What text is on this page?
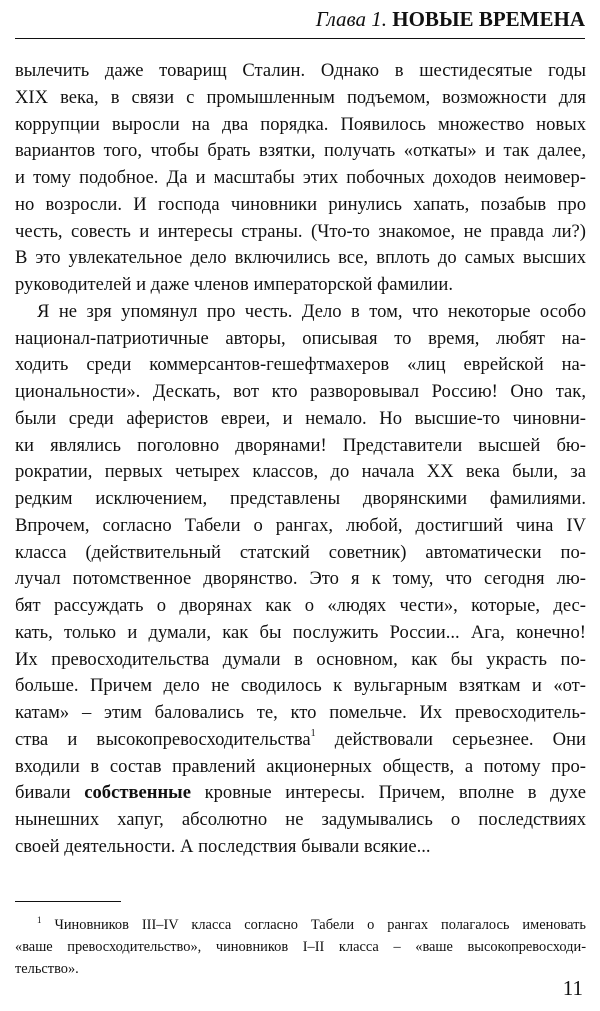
Глава 1. НОВЫЕ ВРЕМЕНА
вылечить даже товарищ Сталин. Однако в шестидесятые годы
XIX века, в связи с промышленным подъемом, возможности для
коррупции выросли на два порядка. Появилось множество новых
вариантов того, чтобы брать взятки, получать «откаты» и так далее,
и тому подобное. Да и масштабы этих побочных доходов неимовер-
но возросли. И господа чиновники ринулись хапать, позабыв про
честь, совесть и интересы страны. (Что-то знакомое, не правда ли?)
В это увлекательное дело включились все, вплоть до самых высших
руководителей и даже членов императорской фамилии.
Я не зря упомянул про честь. Дело в том, что некоторые особо
национал-патриотичные авторы, описывая то время, любят на-
ходить среди коммерсантов-гешефтмахеров «лиц еврейской на-
циональности». Дескать, вот кто разворовывал Россию! Оно так,
были среди аферистов евреи, и немало. Но высшие-то чиновни-
ки являлись поголовно дворянами! Представители высшей бю-
рократии, первых четырех классов, до начала XX века были, за
редким исключением, представлены дворянскими фамилиями.
Впрочем, согласно Табели о рангах, любой, достигший чина IV
класса (действительный статский советник) автоматически по-
лучал потомственное дворянство. Это я к тому, что сегодня лю-
бят рассуждать о дворянах как о «людях чести», которые, дес-
кать, только и думали, как бы послужить России... Ага, конечно!
Их превосходительства думали в основном, как бы украсть по-
больше. Причем дело не сводилось к вульгарным взяткам и «от-
катам» – этим баловались те, кто помельче. Их превосходитель-
ства и высокопревосходительства$^1$ действовали серьезнее. Они
входили в состав правлений акционерных обществ, а потому про-
бивали собственные кровные интересы. Причем, вполне в духе
нынешних хапуг, абсолютно не задумывались о последствиях
своей деятельности. А последствия бывали всякие...
$^1$ Чиновников III–IV класса согласно Табели о рангах полагалось именовать
«ваше превосходительство», чиновников I–II класса – «ваше высокопревосходи-
тельство».
11
